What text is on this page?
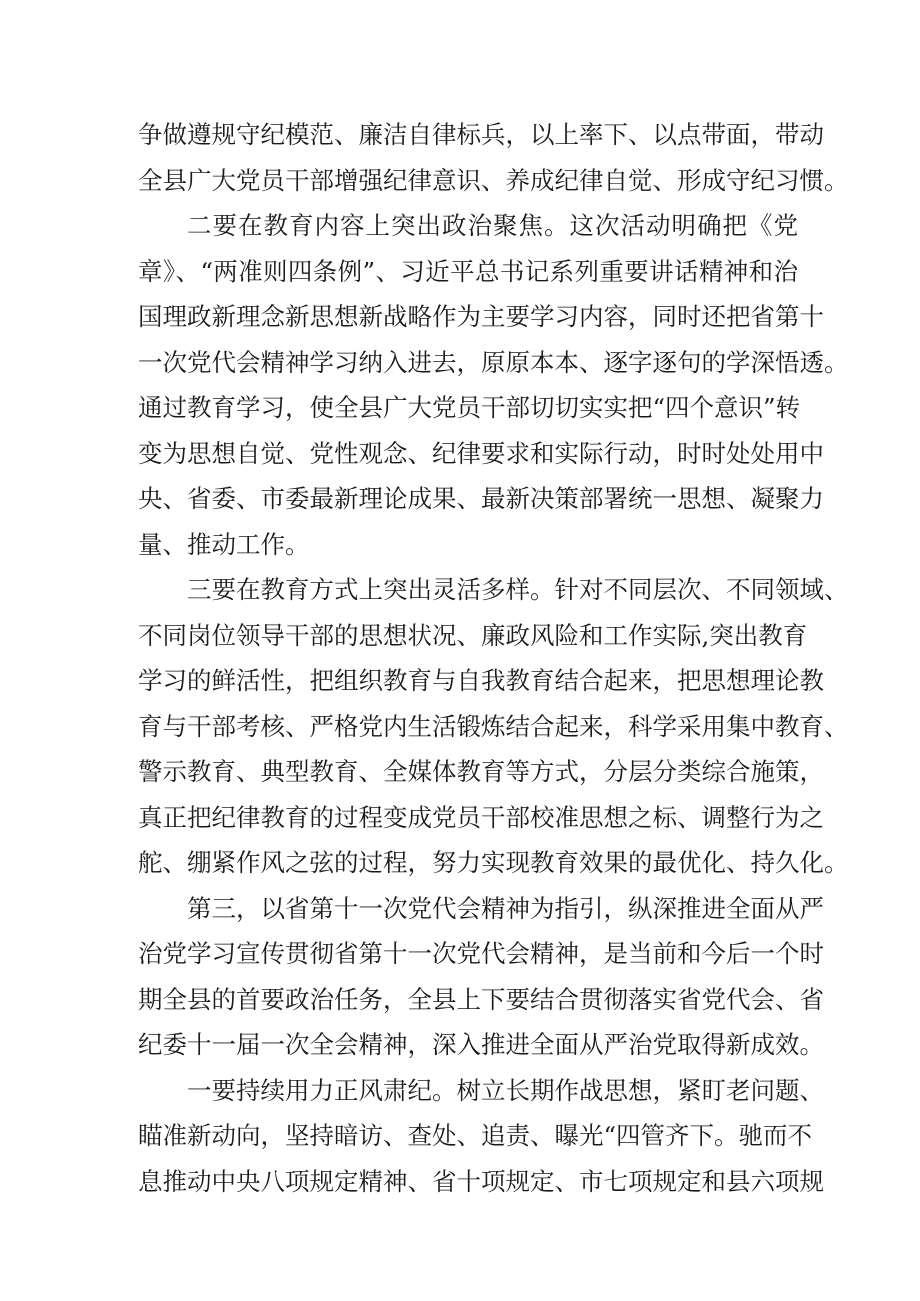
争做遵规守纪模范、廉洁自律标兵，以上率下、以点带面，带动
全县广大党员干部增强纪律意识、养成纪律自觉、形成守纪习惯。
二要在教育内容上突出政治聚焦。这次活动明确把《党
章》、“两准则四条例”、习近平总书记系列重要讲话精神和治
国理政新理念新思想新战略作为主要学习内容，同时还把省第十
一次党代会精神学习纳入进去，原原本本、逐字逐句的学深悟透。
通过教育学习，使全县广大党员干部切切实实把“四个意识”转
变为思想自觉、党性观念、纪律要求和实际行动，时时处处用中
央、省委、市委最新理论成果、最新决策部署统一思想、凝聚力
量、推动工作。
三要在教育方式上突出灵活多样。针对不同层次、不同领域、
不同岗位领导干部的思想状况、廉政风险和工作实际,突出教育
学习的鲜活性，把组织教育与自我教育结合起来，把思想理论教
育与干部考核、严格党内生活锻炼结合起来，科学采用集中教育、
警示教育、典型教育、全媒体教育等方式，分层分类综合施策，
真正把纪律教育的过程变成党员干部校准思想之标、调整行为之
舵、绷紧作风之弦的过程，努力实现教育效果的最优化、持久化。
第三，以省第十一次党代会精神为指引，纵深推进全面从严
治党学习宣传贯彻省第十一次党代会精神，是当前和今后一个时
期全县的首要政治任务，全县上下要结合贯彻落实省党代会、省
纪委十一届一次全会精神，深入推进全面从严治党取得新成效。
一要持续用力正风肃纪。树立长期作战思想，紧盯老问题、
瞄准新动向，坚持暗访、查处、追责、曝光“四管齐下。驰而不
息推动中央八项规定精神、省十项规定、市七项规定和县六项规
